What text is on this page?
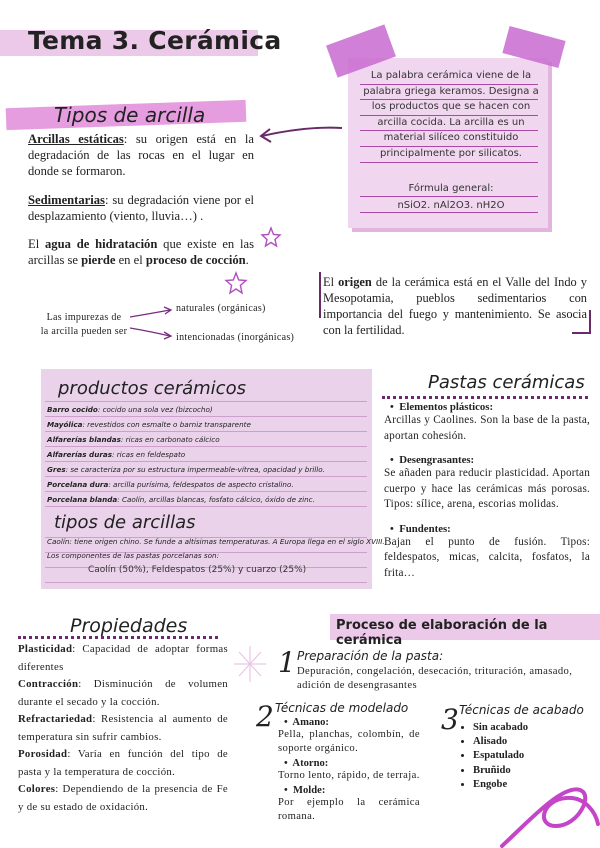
Tema 3. Cerámica
Tipos de arcilla
Arcillas estáticas: su origen está en la degradación de las rocas en el lugar en donde se formaron.
Sedimentarias: su degradación viene por el desplazamiento (viento, lluvia…) .
El agua de hidratación que existe en las arcillas se pierde en el proceso de cocción.
Las impurezas de
la arcilla pueden ser
naturales (orgánicas)
intencionadas (inorgánicas)
La palabra cerámica viene de la palabra griega keramos. Designa a los productos que se hacen con arcilla cocida. La arcilla es un material silíceo constituido principalmente por silicatos.
Fórmula general:
nSiO2. nAl2O3. nH2O
El origen de la cerámica está en el Valle del Indo y Mesopotamia, pueblos sedimentarios con importancia del fuego y mantenimiento. Se asocia con la fertilidad.
productos cerámicos
Barro cocido: cocido una sola vez (bizcocho)
Mayólica: revestidos con esmalte o barniz transparente
Alfarerías blandas: ricas en carbonato cálcico
Alfarerías duras: ricas en feldespato
Gres: se caracteriza por su estructura impermeable-vítrea, opacidad y brillo.
Porcelana dura: arcilla purísima, feldespatos de aspecto cristalino.
Porcelana blanda: Caolín, arcillas blancas, fosfato cálcico, óxido de zinc.
tipos de arcillas
Caolín: tiene origen chino. Se funde a altísimas temperaturas. A Europa llega en el siglo XVIII.
Los componentes de las pastas porcelanas son:
Caolín (50%), Feldespatos (25%) y cuarzo (25%)
Pastas cerámicas
•  Elementos plásticos:
Arcillas y Caolines. Son la base de la pasta, aportan cohesión.
•  Desengrasantes:
Se añaden para reducir plasticidad. Aportan cuerpo y hace las cerámicas más porosas. Tipos: sílice, arena, escorias molidas.
•  Fundentes:
Bajan el punto de fusión. Tipos: feldespatos, micas, calcita, fosfatos, la frita…
Propiedades
Plasticidad: Capacidad de adoptar formas diferentes
Contracción: Disminución de volumen durante el secado y la cocción.
Refractariedad: Resistencia al aumento de temperatura sin sufrir cambios.
Porosidad: Varía en función del tipo de pasta y la temperatura de cocción.
Colores: Dependiendo de la presencia de Fe y de su estado de oxidación.
Proceso de elaboración de la cerámica
1 Preparación de la pasta:
Depuración, congelación, desecación, trituración, amasado, adición de desengrasantes
2 Técnicas de modelado
•  Amano:
Pella, planchas, colombín, de soporte orgánico.
•  Atorno:
Torno lento, rápido, de terraja.
•  Molde:
Por ejemplo la cerámica romana.
3 Técnicas de acabado
• Sin acabado
• Alisado
• Espatulado
• Bruñido
• Engobe
